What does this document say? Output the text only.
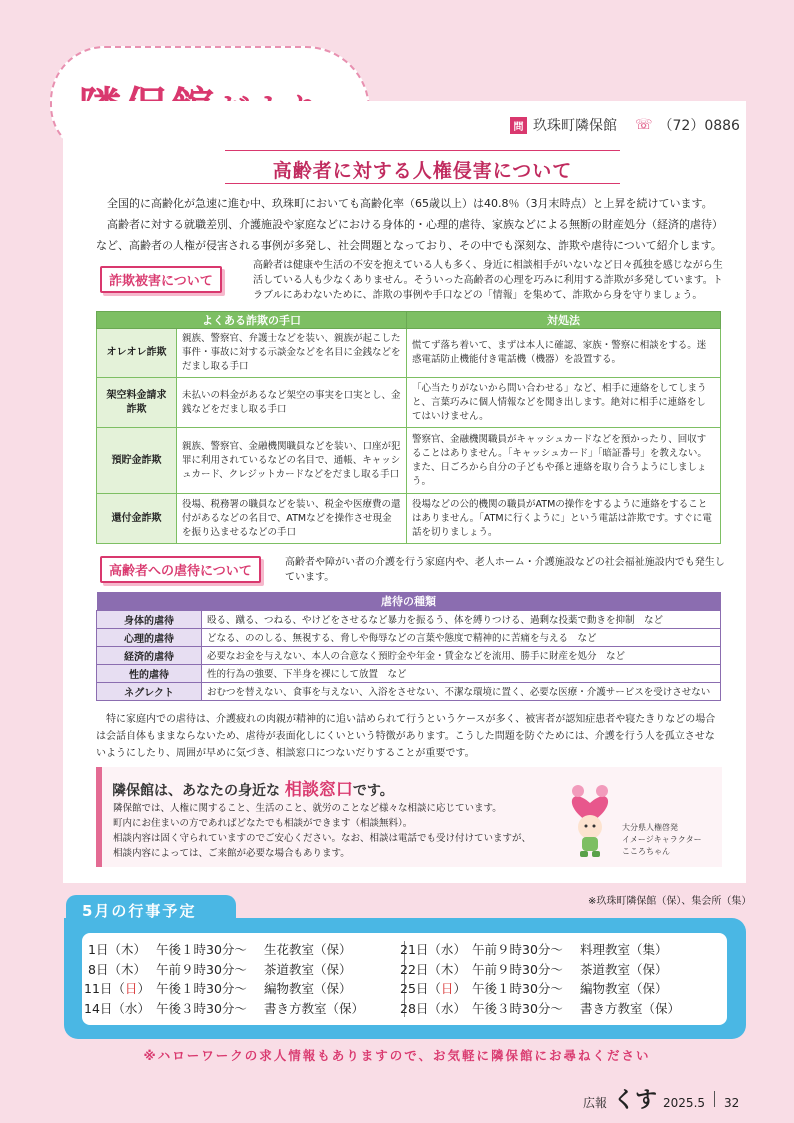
問 玖珠町隣保館 ☏ （72）0886
高齢者に対する人権侵害について

全国的に高齢化が急速に進む中、玖珠町においても高齢化率（65歳以上）は40.8％（3月末時点）と上昇を続けています。

高齢者に対する就職差別、介護施設や家庭などにおける身体的・心理的虐待、家族などによる無断の財産処分（経済的虐待）など、高齢者の人権が侵害される事例が多発し、社会問題となっており、その中でも深刻な、詐欺や虐待について紹介します。

詐欺被害について
高齢者は健康や生活の不安を抱えている人も多く、身近に相談相手がいないなど日々孤独を感じながら生活している人も少なくありません。そういった高齢者の心理を巧みに利用する詐欺が多発しています。トラブルにあわないために、詐欺の事例や手口などの「情報」を集めて、詐欺から身を守りましょう。
よくある詐欺の手口		対処法
オレオレ詐欺	親族、警察官、弁護士などを装い、親族が起こした事件・事故に対する示談金などを名目に金銭などをだまし取る手口	慌てず落ち着いて、まずは本人に確認、家族・警察に相談をする。迷惑電話防止機能付き電話機（機器）を設置する。
架空料金請求詐欺	未払いの料金があるなど架空の事実を口実とし、金銭などをだまし取る手口	「心当たりがないから問い合わせる」など、相手に連絡をしてしまうと、言葉巧みに個人情報などを聞き出します。絶対に相手に連絡をしてはいけません。
預貯金詐欺	親族、警察官、金融機関職員などを装い、口座が犯罪に利用されているなどの名目で、通帳、キャッシュカード、クレジットカードなどをだまし取る手口	警察官、金融機関職員がキャッシュカードなどを預かったり、回収することはありません。「キャッシュカード」「暗証番号」を教えない。また、日ごろから自分の子どもや孫と連絡を取り合うようにしましょう。
還付金詐欺	役場、税務署の職員などを装い、税金や医療費の還付があるなどの名目で、ATMなどを操作させ現金を振り込ませるなどの手口	役場などの公的機関の職員がATMの操作をするように連絡をすることはありません。「ATMに行くように」という電話は詐欺です。すぐに電話を切りましょう。
高齢者への虐待について
高齢者や障がい者の介護を行う家庭内や、老人ホーム・介護施設などの社会福祉施設内でも発生しています。
虐待の種類	
身体的虐待	殴る、蹴る、つねる、やけどをさせるなど暴力を振るう、体を縛りつける、過剰な投薬で動きを抑制　など
心理的虐待	どなる、ののしる、無視する、脅しや侮辱などの言葉や態度で精神的に苦痛を与える　など
経済的虐待	必要なお金を与えない、本人の合意なく預貯金や年金・賃金などを流用、勝手に財産を処分　など
性的虐待	性的行為の強要、下半身を裸にして放置　など
ネグレクト	おむつを替えない、食事を与えない、入浴をさせない、不潔な環境に置く、必要な医療・介護サービスを受けさせない
特に家庭内での虐待は、介護疲れの肉親が精神的に追い詰められて行うというケースが多く、被害者が認知症患者や寝たきりなどの場合は会話自体もままならないため、虐待が表面化しにくいという特徴があります。こうした問題を防ぐためには、介護を行う人を孤立させないようにしたり、周囲が早めに気づき、相談窓口につないだりすることが重要です。
隣保館は、あなたの身近な 相談窓口です。
隣保館では、人権に関すること、生活のこと、就労のことなど様々な相談に応じています。
町内にお住まいの方であればどなたでも相談ができます（相談無料）。
相談内容は固く守られていますのでご安心ください。なお、相談は電話でも受け付けていますが、
相談内容によっては、ご来館が必要な場合もあります。
大分県人権啓発
イメージキャラクター
こころちゃん
※玖珠町隣保館（保）、集会所（集）
5月の行事予定
1日（木） 午後１時30分～ 生花教室（保）
8日（木） 午前９時30分～ 茶道教室（保）
11日（日） 午後１時30分～ 編物教室（保）
14日（水） 午後３時30分～ 書き方教室（保）
21日（水） 午前９時30分～ 料理教室（集）
22日（木） 午前９時30分～ 茶道教室（保）
25日（日） 午後１時30分～ 編物教室（保）
28日（水） 午後３時30分～ 書き方教室（保）
※ハローワークの求人情報もありますので、お気軽に隣保館にお尋ねください
広報 くす 2025.5 32
